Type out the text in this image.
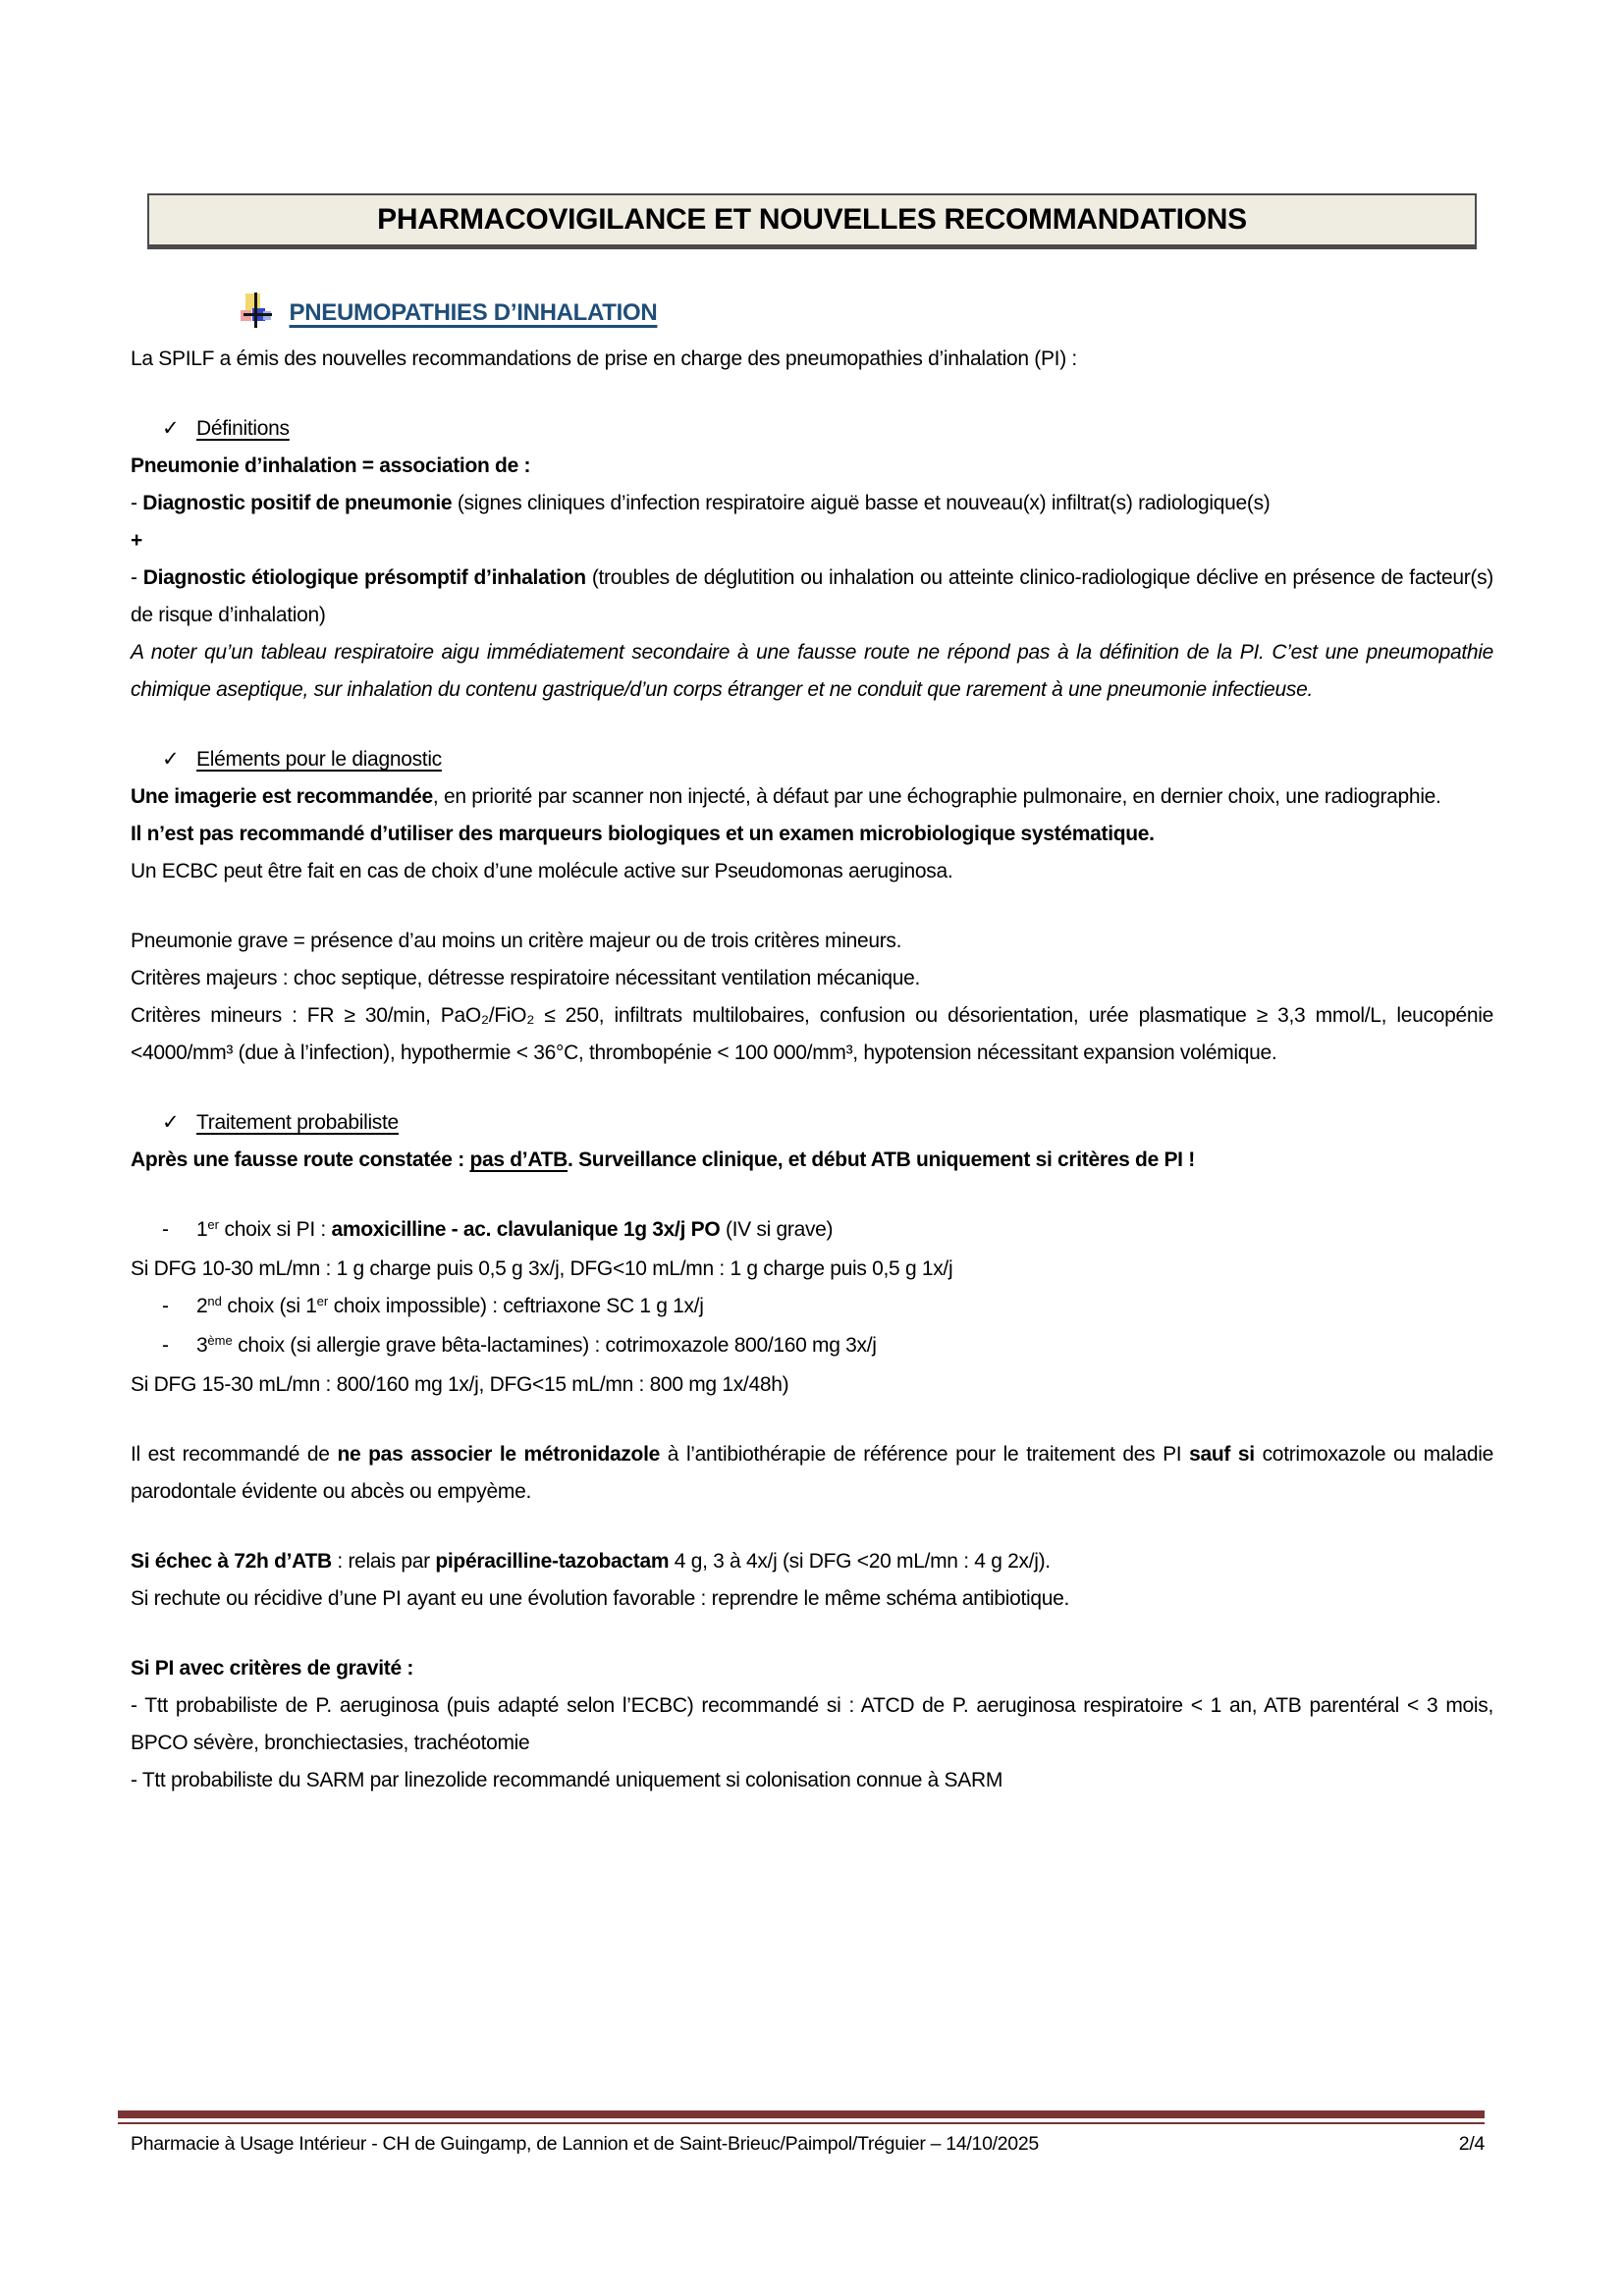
PHARMACOVIGILANCE ET NOUVELLES RECOMMANDATIONS
PNEUMOPATHIES D’INHALATION
La SPILF a émis des nouvelles recommandations de prise en charge des pneumopathies d’inhalation (PI) :
✓ Définitions
Pneumonie d’inhalation = association de :
- Diagnostic positif de pneumonie (signes cliniques d’infection respiratoire aiguë basse et nouveau(x) infiltrat(s) radiologique(s)
+
- Diagnostic étiologique présomptif d’inhalation (troubles de déglutition ou inhalation ou atteinte clinico-radiologique déclive en présence de facteur(s) de risque d’inhalation)
A noter qu’un tableau respiratoire aigu immédiatement secondaire à une fausse route ne répond pas à la définition de la PI. C’est une pneumopathie chimique aseptique, sur inhalation du contenu gastrique/d’un corps étranger et ne conduit que rarement à une pneumonie infectieuse.
✓ Eléments pour le diagnostic
Une imagerie est recommandée, en priorité par scanner non injecté, à défaut par une échographie pulmonaire, en dernier choix, une radiographie.
Il n’est pas recommandé d’utiliser des marqueurs biologiques et un examen microbiologique systématique.
Un ECBC peut être fait en cas de choix d’une molécule active sur Pseudomonas aeruginosa.
Pneumonie grave = présence d’au moins un critère majeur ou de trois critères mineurs.
Critères majeurs : choc septique, détresse respiratoire nécessitant ventilation mécanique.
Critères mineurs : FR ≥ 30/min, PaO₂/FiO₂ ≤ 250, infiltrats multilobaires, confusion ou désorientation, urée plasmatique ≥ 3,3 mmol/L, leucopénie <4000/mm³ (due à l’infection), hypothermie < 36°C, thrombopénie < 100 000/mm³, hypotension nécessitant expansion volémique.
✓ Traitement probabiliste
Après une fausse route constatée : pas d’ATB. Surveillance clinique, et début ATB uniquement si critères de PI !
- 1er choix si PI : amoxicilline - ac. clavulanique 1g 3x/j PO (IV si grave)
Si DFG 10-30 mL/mn : 1 g charge puis 0,5 g 3x/j, DFG<10 mL/mn : 1 g charge puis 0,5 g 1x/j
- 2nd choix (si 1er choix impossible) : ceftriaxone SC 1 g 1x/j
- 3ème choix (si allergie grave bêta-lactamines) : cotrimoxazole 800/160 mg 3x/j
Si DFG 15-30 mL/mn : 800/160 mg 1x/j, DFG<15 mL/mn : 800 mg 1x/48h)
Il est recommandé de ne pas associer le métronidazole à l’antibiothérapie de référence pour le traitement des PI sauf si cotrimoxazole ou maladie parodontale évidente ou abcès ou empyème.
Si échec à 72h d’ATB : relais par pipéracilline-tazobactam 4 g, 3 à 4x/j (si DFG <20 mL/mn : 4 g 2x/j).
Si rechute ou récidive d’une PI ayant eu une évolution favorable : reprendre le même schéma antibiotique.
Si PI avec critères de gravité :
- Ttt probabiliste de P. aeruginosa (puis adapté selon l’ECBC) recommandé si : ATCD de P. aeruginosa respiratoire < 1 an, ATB parentéral < 3 mois, BPCO sévère, bronchiectasies, trachéotomie
- Ttt probabiliste du SARM par linezolide recommandé uniquement si colonisation connue à SARM
Pharmacie à Usage Intérieur - CH de Guingamp, de Lannion et de Saint-Brieuc/Paimpol/Tréguier – 14/10/2025	2/4
